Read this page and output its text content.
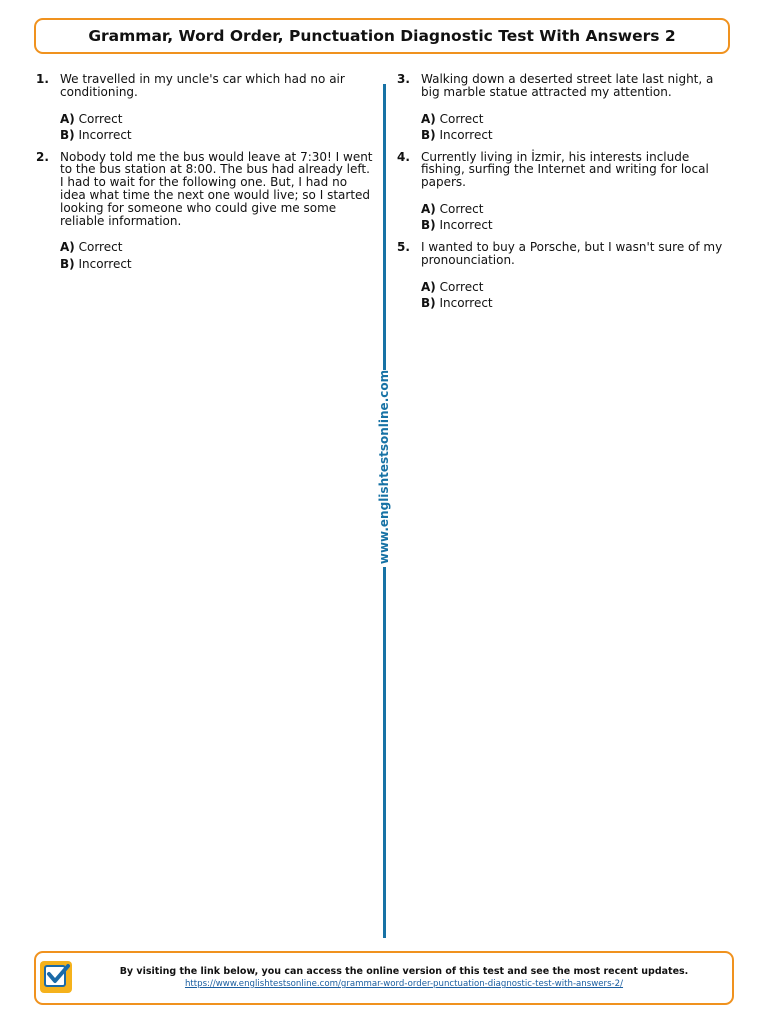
Grammar, Word Order, Punctuation Diagnostic Test With Answers 2
1. We travelled in my uncle's car which had no air conditioning.

A) Correct

B) Incorrect

2. Nobody told me the bus would leave at 7:30! I went to the bus station at 8:00. The bus had already left. I had to wait for the following one. But, I had no idea what time the next one would live; so I started looking for someone who could give me some reliable information.

A) Correct

B) Incorrect

3. Walking down a deserted street late last night, a big marble statue attracted my attention.

A) Correct

B) Incorrect

4. Currently living in İzmir, his interests include fishing, surfing the Internet and writing for local papers.

A) Correct

B) Incorrect

5. I wanted to buy a Porsche, but I wasn't sure of my pronounciation.

A) Correct

B) Incorrect

www.englishtestsonline.com
By visiting the link below, you can access the online version of this test and see the most recent updates.
https://www.englishtestsonline.com/grammar-word-order-punctuation-diagnostic-test-with-answers-2/
